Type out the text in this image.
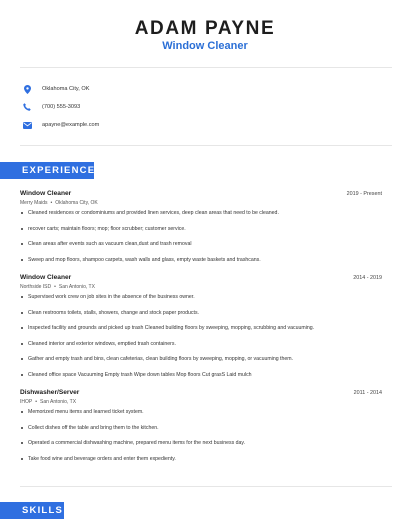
ADAM PAYNE
Window Cleaner
Oklahoma City, OK
(700) 555-3093
apayne@example.com
EXPERIENCE
Window Cleaner	2019 - Present
Merry Maids • Oklahoma City, OK
Cleaned residences or condominiums and provided linen services, deep clean areas that need to be cleaned.
recover carts; maintain floors; mop; floor scrubber; customer service.
Clean areas after events such as vacuum clean,dust and trash removal
Sweep and mop floors, shampoo carpets, wash walls and glass, empty waste baskets and trashcans.
Window Cleaner	2014 - 2019
Northside ISD • San Antonio, TX
Supervised work crew on job sites in the absence of the business owner.
Clean restrooms toilets, stalls, showers, change and stock paper products.
Inspected facility and grounds and picked up trash Cleaned building floors by sweeping, mopping, scrubbing and vacuuming.
Cleaned interior and exterior windows, emptied trash containers.
Gather and empty trash and bins, clean cafeterias, clean building floors by sweeping, mopping, or vacuuming them.
Cleaned office space Vacuuming Empty trash Wipe down tables Mop floors Cut grasS Laid mulch
Dishwasher/Server	2011 - 2014
IHOP • San Antonio, TX
Memorized menu items and learned ticket system.
Collect dishes off the table and bring them to the kitchen.
Operated a commercial dishwashing machine, prepared menu items for the next business day.
Take food wine and beverage orders and enter them expedienty.
SKILLS
